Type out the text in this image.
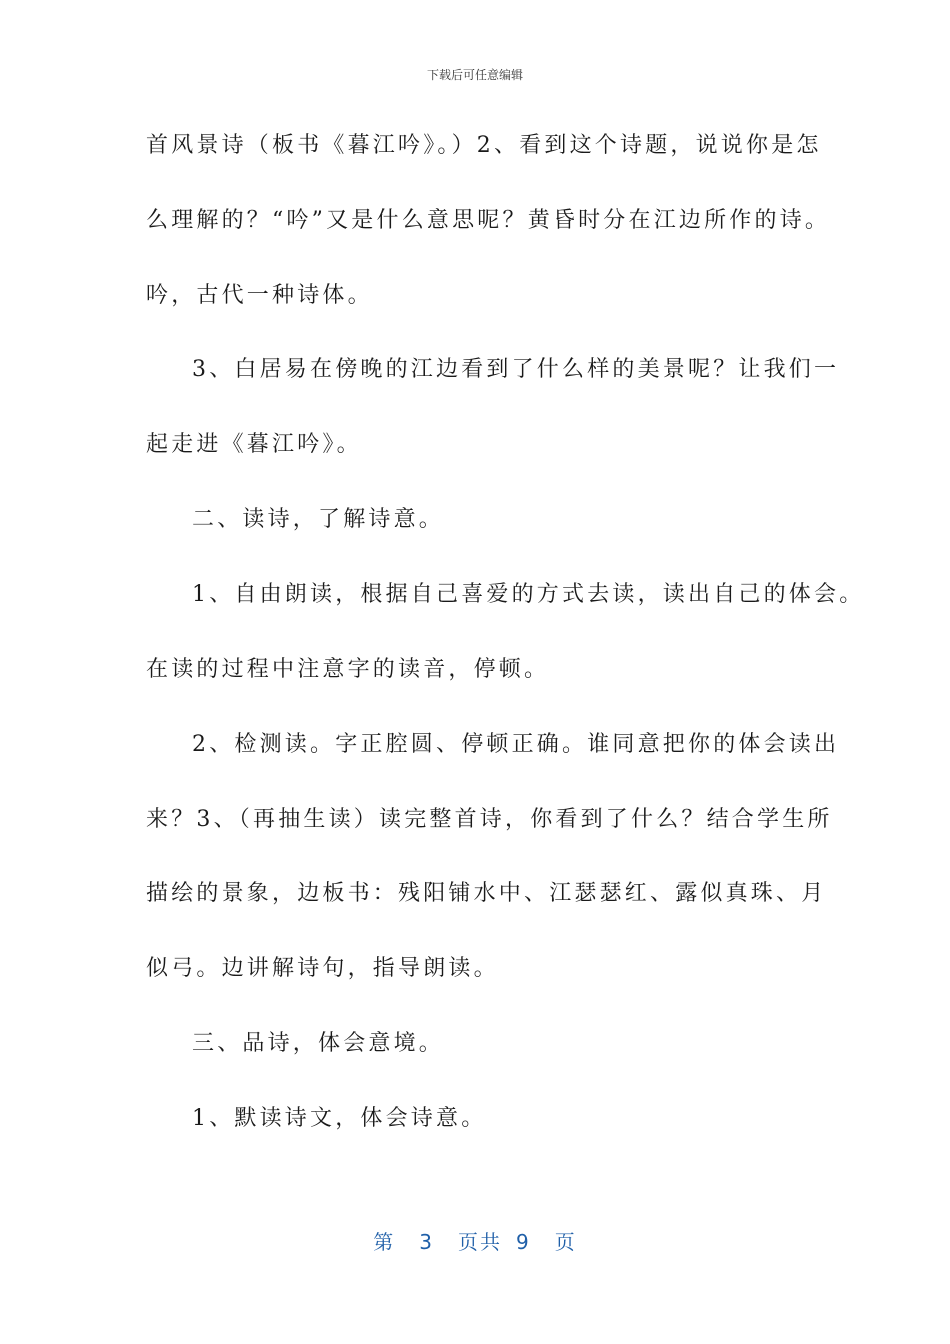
下载后可任意编辑
首风景诗（板书《暮江吟》。）2、看到这个诗题，说说你是怎
么理解的？“吟”又是什么意思呢？黄昏时分在江边所作的诗。
吟，古代一种诗体。
3、白居易在傍晚的江边看到了什么样的美景呢？让我们一
起走进《暮江吟》。
二、读诗，了解诗意。
1、自由朗读，根据自己喜爱的方式去读，读出自己的体会。
在读的过程中注意字的读音，停顿。
2、检测读。字正腔圆、停顿正确。谁同意把你的体会读出
来？3、（再抽生读）读完整首诗，你看到了什么？结合学生所
描绘的景象，边板书：残阳铺水中、江瑟瑟红、露似真珠、月
似弓。边讲解诗句，指导朗读。
三、品诗，体会意境。
1、默读诗文，体会诗意。
第 3 页共 9 页
